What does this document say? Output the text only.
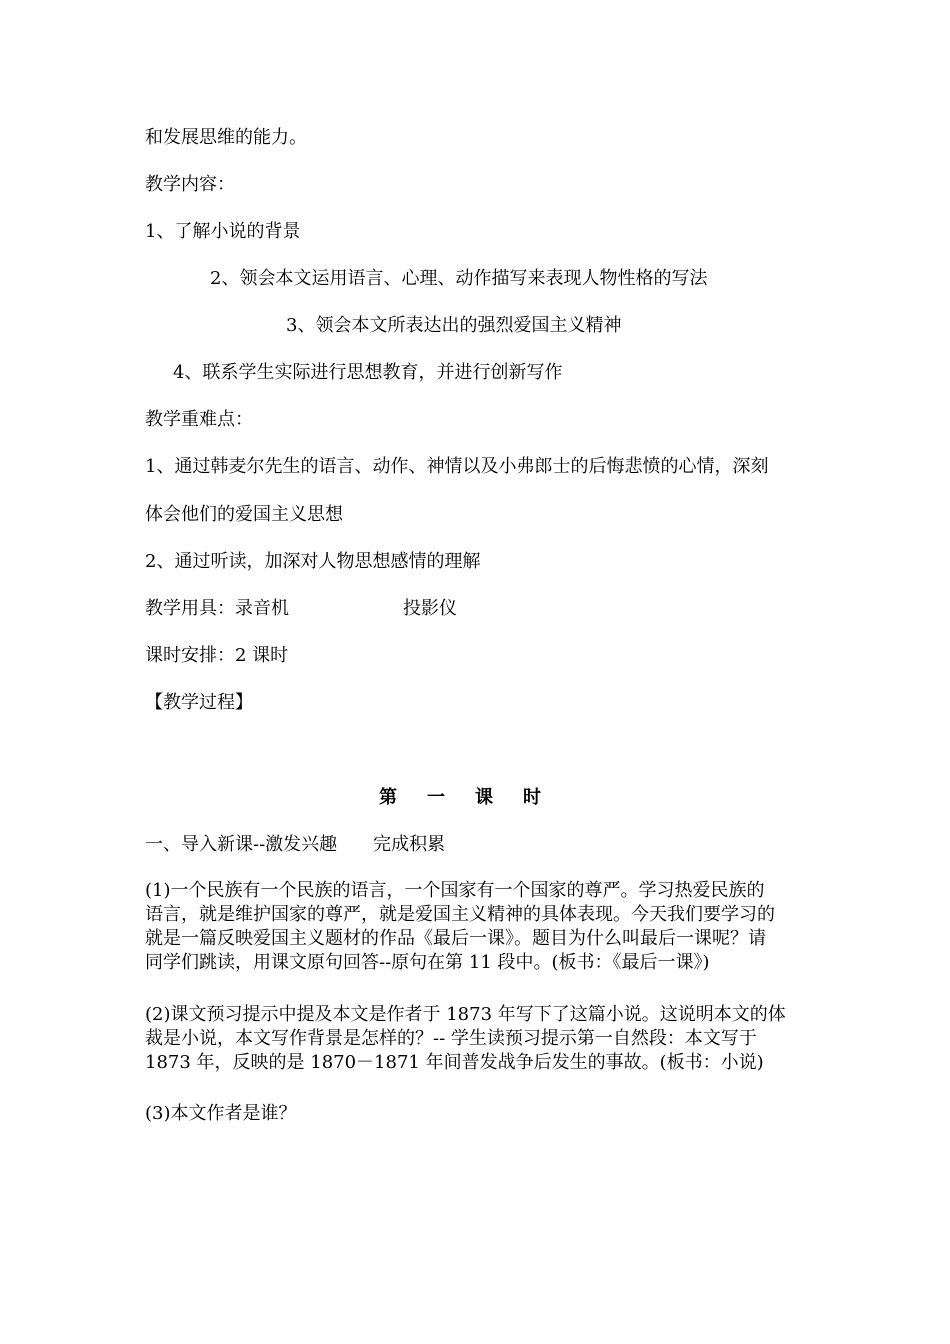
和发展思维的能力。
教学内容：
1、了解小说的背景
2、领会本文运用语言、心理、动作描写来表现人物性格的写法
3、领会本文所表达出的强烈爱国主义精神
4、联系学生实际进行思想教育，并进行创新写作
教学重难点：
1、通过韩麦尔先生的语言、动作、神情以及小弗郎士的后悔悲愤的心情，深刻
体会他们的爱国主义思想
2、通过听读，加深对人物思想感情的理解
教学用具：录音机	投影仪
课时安排：2 课时
【教学过程】
第一课时
一、导入新课--激发兴趣　　完成积累

(1)一个民族有一个民族的语言，一个国家有一个国家的尊严。学习热爱民族的

语言，就是维护国家的尊严，就是爱国主义精神的具体表现。今天我们要学习的

就是一篇反映爱国主义题材的作品《最后一课》。题目为什么叫最后一课呢？请

同学们跳读，用课文原句回答--原句在第 11 段中。(板书：《最后一课》)

(2)课文预习提示中提及本文是作者于 1873 年写下了这篇小说。这说明本文的体

裁是小说，本文写作背景是怎样的？-- 学生读预习提示第一自然段：本文写于

1873 年，反映的是 1870－1871 年间普发战争后发生的事故。(板书：小说)

(3)本文作者是谁？
